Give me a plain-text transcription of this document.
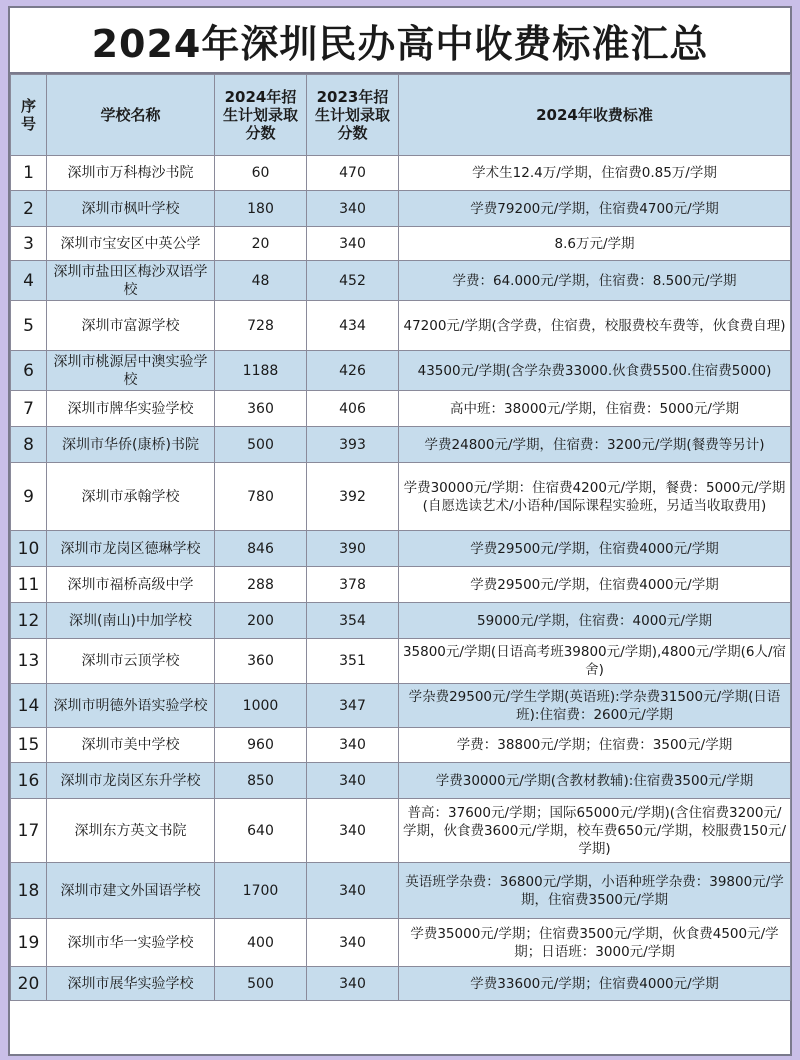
2024年深圳民办高中收费标准汇总
序号	学校名称	2024年招生计划录取分数	2023年招生计划录取分数	2024年收费标准
1	深圳市万科梅沙书院	60	470	学术生12.4万/学期，住宿费0.85万/学期
2	深圳市枫叶学校	180	340	学费79200元/学期，住宿费4700元/学期
3	深圳市宝安区中英公学	20	340	8.6万元/学期
4	深圳市盐田区梅沙双语学校	48	452	学费：64.000元/学期，住宿费：8.500元/学期
5	深圳市富源学校	728	434	47200元/学期(含学费，住宿费，校服费校车费等，伙食费自理)
6	深圳市桃源居中澳实验学校	1188	426	43500元/学期(含学杂费33000.伙食费5500.住宿费5000)
7	深圳市牌华实验学校	360	406	高中班：38000元/学期，住宿费：5000元/学期
8	深圳市华侨(康桥)书院	500	393	学费24800元/学期，住宿费：3200元/学期(餐费等另计)
9	深圳市承翰学校	780	392	学费30000元/学期：住宿费4200元/学期，餐费：5000元/学期(自愿选读艺术/小语种/国际课程实验班，另适当收取费用)
10	深圳市龙岗区德琳学校	846	390	学费29500元/学期，住宿费4000元/学期
11	深圳市福桥高级中学	288	378	学费29500元/学期，住宿费4000元/学期
12	深圳(南山)中加学校	200	354	59000元/学期，住宿费：4000元/学期
13	深圳市云顶学校	360	351	35800元/学期(日语高考班39800元/学期),4800元/学期(6人/宿舍)
14	深圳市明德外语实验学校	1000	347	学杂费29500元/学生学期(英语班):学杂费31500元/学期(日语班):住宿费：2600元/学期
15	深圳市美中学校	960	340	学费：38800元/学期；住宿费：3500元/学期
16	深圳市龙岗区东升学校	850	340	学费30000元/学期(含教材教辅):住宿费3500元/学期
17	深圳东方英文书院	640	340	普高：37600元/学期；国际65000元/学期)(含住宿费3200元/学期，伙食费3600元/学期，校车费650元/学期，校服费150元/学期)
18	深圳市建文外国语学校	1700	340	英语班学杂费：36800元/学期，小语种班学杂费：39800元/学期，住宿费3500元/学期
19	深圳市华一实验学校	400	340	学费35000元/学期；住宿费3500元/学期，伙食费4500元/学期；日语班：3000元/学期
20	深圳市展华实验学校	500	340	学费33600元/学期；住宿费4000元/学期
